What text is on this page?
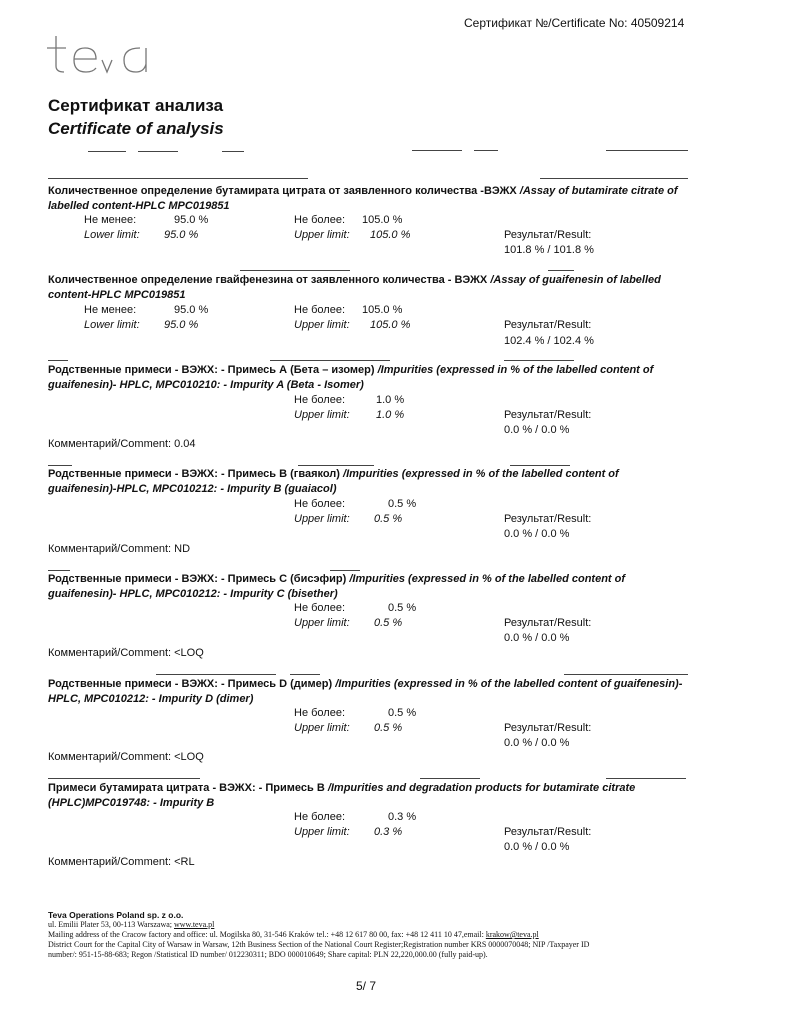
Сертификат №/Certificate No: 40509214
Сертификат анализа
Certificate of analysis
Количественное определение бутамирата цитрата от заявленного количества -ВЭЖХ /Assay of butamirate citrate of
labelled content-HPLC MPC019851
Не менее:	95.0 %	Не более: 105.0 %
Lower limit: 95.0 %	Upper limit: 105.0 %	Результат/Result:
101.8 % / 101.8 %
Количественное определение гвайфенезина от заявленного количества - ВЭЖХ /Assay of guaifenesin of labelled
content-HPLC MPC019851
Не менее:	95.0 %	Не более: 105.0 %
Lower limit: 95.0 %	Upper limit: 105.0 %	Результат/Result:
102.4 % / 102.4 %
Родственные примеси - ВЭЖХ: - Примесь А (Бета – изомер) /Impurities (expressed in % of the labelled content of
guaifenesin)- HPLC, MPC010210: - Impurity A (Beta - Isomer)
Не более:	1.0 %
Upper limit: 1.0 %	Результат/Result:
0.0 % / 0.0 %
Комментарий/Comment: 0.04
Родственные примеси - ВЭЖХ: - Примесь В (гваякол) /Impurities (expressed in % of the labelled content of
guaifenesin)-HPLC, MPC010212: - Impurity B (guaiacol)
Не более:	0.5 %
Upper limit: 0.5 %	Результат/Result:
0.0 % / 0.0 %
Комментарий/Comment: ND
Родственные примеси - ВЭЖХ: - Примесь С (бисэфир) /Impurities (expressed in % of the labelled content of
guaifenesin)- HPLC, MPC010212: - Impurity C (bisether)
Не более:	0.5 %
Upper limit: 0.5 %	Результат/Result:
0.0 % / 0.0 %
Комментарий/Comment: <LOQ
Родственные примеси - ВЭЖХ: - Примесь D (димер) /Impurities (expressed in % of the labelled content of guaifenesin)-
HPLC, MPC010212: - Impurity D (dimer)
Не более:	0.5 %
Upper limit: 0.5 %	Результат/Result:
0.0 % / 0.0 %
Комментарий/Comment: <LOQ
Примеси бутамирата цитрата - ВЭЖХ: - Примесь В /Impurities and degradation products for butamirate citrate
(HPLC)MPC019748: - Impurity B
Не более:	0.3 %
Upper limit: 0.3 %	Результат/Result:
0.0 % / 0.0 %
Комментарий/Comment: <RL
Teva Operations Poland sp. z o.o.
ul. Emilii Plater 53, 00-113 Warszawa; www.teva.pl
Mailing address of the Cracow factory and office: ul. Mogilska 80, 31-546 Kraków tel.: +48 12 617 80 00, fax: +48 12 411 10 47,email: krakow@teva.pl
District Court for the Capital City of Warsaw in Warsaw, 12th Business Section of the National Court Register;Registration number KRS 0000070048; NIP /Taxpayer ID
number/: 951-15-88-683; Regon /Statistical ID number/ 012230311; BDO 000010649; Share capital: PLN 22,220,000.00 (fully paid-up).
5/ 7
